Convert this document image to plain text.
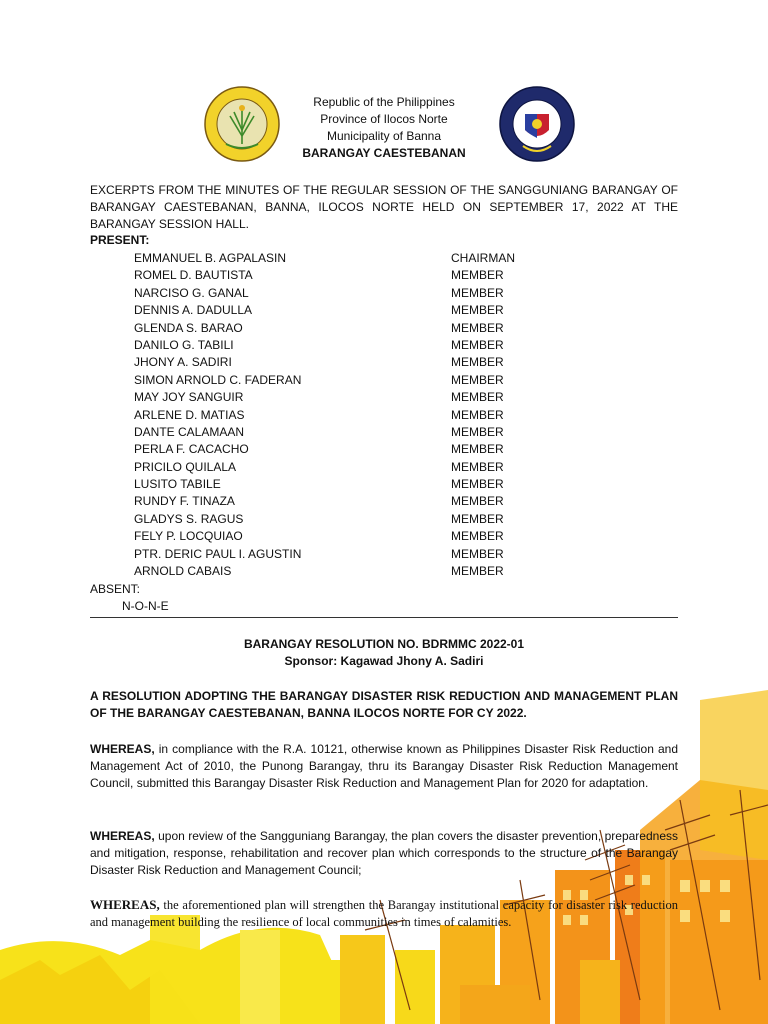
Republic of the Philippines
Province of Ilocos Norte
Municipality of Banna
BARANGAY CAESTEBANAN
EXCERPTS FROM THE MINUTES OF THE REGULAR SESSION OF THE SANGGUNIANG BARANGAY OF BARANGAY CAESTEBANAN, BANNA, ILOCOS NORTE HELD ON SEPTEMBER 17, 2022 AT THE BARANGAY SESSION HALL.
PRESENT:
EMMANUEL B. AGPALASIN	CHAIRMAN
ROMEL D. BAUTISTA	MEMBER
NARCISO G. GANAL	MEMBER
DENNIS A. DADULLA	MEMBER
GLENDA S. BARAO	MEMBER
DANILO G. TABILI	MEMBER
JHONY A. SADIRI	MEMBER
SIMON ARNOLD C. FADERAN	MEMBER
MAY JOY SANGUIR	MEMBER
ARLENE D. MATIAS	MEMBER
DANTE CALAMAAN	MEMBER
PERLA F. CACACHO	MEMBER
PRICILO QUILALA	MEMBER
LUSITO TABILE	MEMBER
RUNDY F. TINAZA	MEMBER
GLADYS S. RAGUS	MEMBER
FELY P. LOCQUIAO	MEMBER
PTR. DERIC PAUL I. AGUSTIN	MEMBER
ARNOLD CABAIS	MEMBER
ABSENT:
N-O-N-E
BARANGAY RESOLUTION NO. BDRMMC 2022-01
Sponsor: Kagawad Jhony A. Sadiri
A RESOLUTION ADOPTING THE BARANGAY DISASTER RISK REDUCTION AND MANAGEMENT PLAN OF THE BARANGAY CAESTEBANAN, BANNA ILOCOS NORTE FOR CY 2022.
WHEREAS, in compliance with the R.A. 10121, otherwise known as Philippines Disaster Risk Reduction and Management Act of 2010, the Punong Barangay, thru its Barangay Disaster Risk Reduction Management Council, submitted this Barangay Disaster Risk Reduction and Management Plan for 2020 for adaptation.
WHEREAS, upon review of the Sangguniang Barangay, the plan covers the disaster prevention, preparedness and mitigation, response, rehabilitation and recover plan which corresponds to the structure of the Barangay Disaster Risk Reduction and Management Council;
WHEREAS, the aforementioned plan will strengthen the Barangay institutional capacity for disaster risk reduction and management building the resilience of local communities in times of calamities.
